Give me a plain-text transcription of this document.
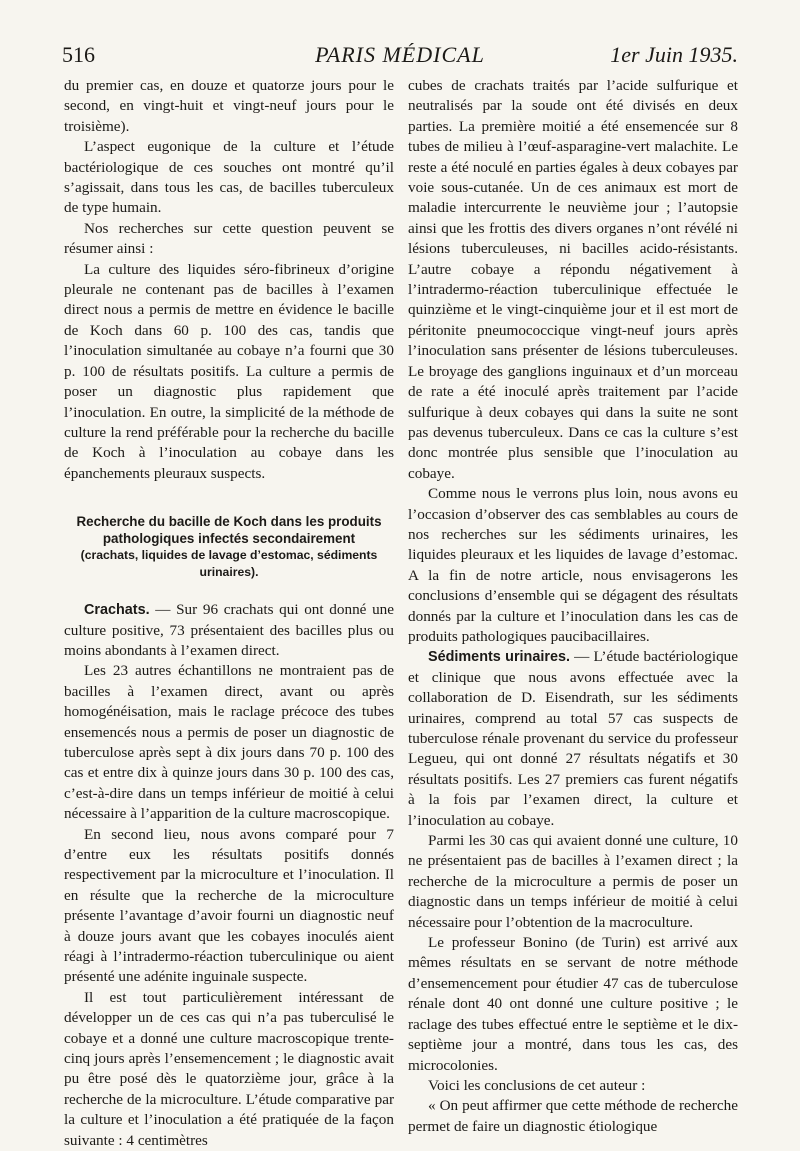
516	PARIS MÉDICAL	1er Juin 1935.

du premier cas, en douze et quatorze jours pour le second, en vingt-huit et vingt-neuf jours pour le troisième).

L’aspect eugonique de la culture et l’étude bactériologique de ces souches ont montré qu’il s’agissait, dans tous les cas, de bacilles tuberculeux de type humain.

Nos recherches sur cette question peuvent se résumer ainsi :

La culture des liquides séro-fibrineux d’origine pleurale ne contenant pas de bacilles à l’examen direct nous a permis de mettre en évidence le bacille de Koch dans 60 p. 100 des cas, tandis que l’inoculation simultanée au cobaye n’a fourni que 30 p. 100 de résultats positifs. La culture a permis de poser un diagnostic plus rapidement que l’inoculation. En outre, la simplicité de la méthode de culture la rend préférable pour la recherche du bacille de Koch à l’inoculation au cobaye dans les épanchements pleuraux suspects.

Recherche du bacille de Koch dans les produits pathologiques infectés secondairement
(crachats, liquides de lavage d’estomac, sédiments urinaires).

Crachats. — Sur 96 crachats qui ont donné une culture positive, 73 présentaient des bacilles plus ou moins abondants à l’examen direct.

Les 23 autres échantillons ne montraient pas de bacilles à l’examen direct, avant ou après homogénéisation, mais le raclage précoce des tubes ensemencés nous a permis de poser un diagnostic de tuberculose après sept à dix jours dans 70 p. 100 des cas et entre dix à quinze jours dans 30 p. 100 des cas, c’est-à-dire dans un temps inférieur de moitié à celui nécessaire à l’apparition de la culture macroscopique.

En second lieu, nous avons comparé pour 7 d’entre eux les résultats positifs donnés respectivement par la microculture et l’inoculation. Il en résulte que la recherche de la microculture présente l’avantage d’avoir fourni un diagnostic neuf à douze jours avant que les cobayes inoculés aient réagi à l’intradermo-réaction tuberculinique ou aient présenté une adénite inguinale suspecte.

Il est tout particulièrement intéressant de développer un de ces cas qui n’a pas tuberculisé le cobaye et a donné une culture macroscopique trente-cinq jours après l’ensemencement ; le diagnostic avait pu être posé dès le quatorzième jour, grâce à la recherche de la microculture. L’étude comparative par la culture et l’inoculation a été pratiquée de la façon suivante : 4 centimètres

cubes de crachats traités par l’acide sulfurique et neutralisés par la soude ont été divisés en deux parties. La première moitié a été ensemencée sur 8 tubes de milieu à l’œuf-asparagine-vert malachite. Le reste a été noculé en parties égales à deux cobayes par voie sous-cutanée. Un de ces animaux est mort de maladie intercurrente le neuvième jour ; l’autopsie ainsi que les frottis des divers organes n’ont révélé ni lésions tuberculeuses, ni bacilles acido-résistants. L’autre cobaye a répondu négativement à l’intradermo-réaction tuberculinique effectuée le quinzième et le vingt-cinquième jour et il est mort de péritonite pneumococcique vingt-neuf jours après l’inoculation sans présenter de lésions tuberculeuses. Le broyage des ganglions inguinaux et d’un morceau de rate a été inoculé après traitement par l’acide sulfurique à deux cobayes qui dans la suite ne sont pas devenus tuberculeux. Dans ce cas la culture s’est donc montrée plus sensible que l’inoculation au cobaye.

Comme nous le verrons plus loin, nous avons eu l’occasion d’observer des cas semblables au cours de nos recherches sur les sédiments urinaires, les liquides pleuraux et les liquides de lavage d’estomac. A la fin de notre article, nous envisagerons les conclusions d’ensemble qui se dégagent des résultats donnés par la culture et l’inoculation dans les cas de produits pathologiques paucibacillaires.

Sédiments urinaires. — L’étude bactériologique et clinique que nous avons effectuée avec la collaboration de D. Eisendrath, sur les sédiments urinaires, comprend au total 57 cas suspects de tuberculose rénale provenant du service du professeur Legueu, qui ont donné 27 résultats négatifs et 30 résultats positifs. Les 27 premiers cas furent négatifs à la fois par l’examen direct, la culture et l’inoculation au cobaye.

Parmi les 30 cas qui avaient donné une culture, 10 ne présentaient pas de bacilles à l’examen direct ; la recherche de la microculture a permis de poser un diagnostic dans un temps inférieur de moitié à celui nécessaire pour l’obtention de la macroculture.

Le professeur Bonino (de Turin) est arrivé aux mêmes résultats en se servant de notre méthode d’ensemencement pour étudier 47 cas de tuberculose rénale dont 40 ont donné une culture positive ; le raclage des tubes effectué entre le septième et le dix-septième jour a montré, dans tous les cas, des microcolonies.

Voici les conclusions de cet auteur :

« On peut affirmer que cette méthode de recherche permet de faire un diagnostic étiologique
